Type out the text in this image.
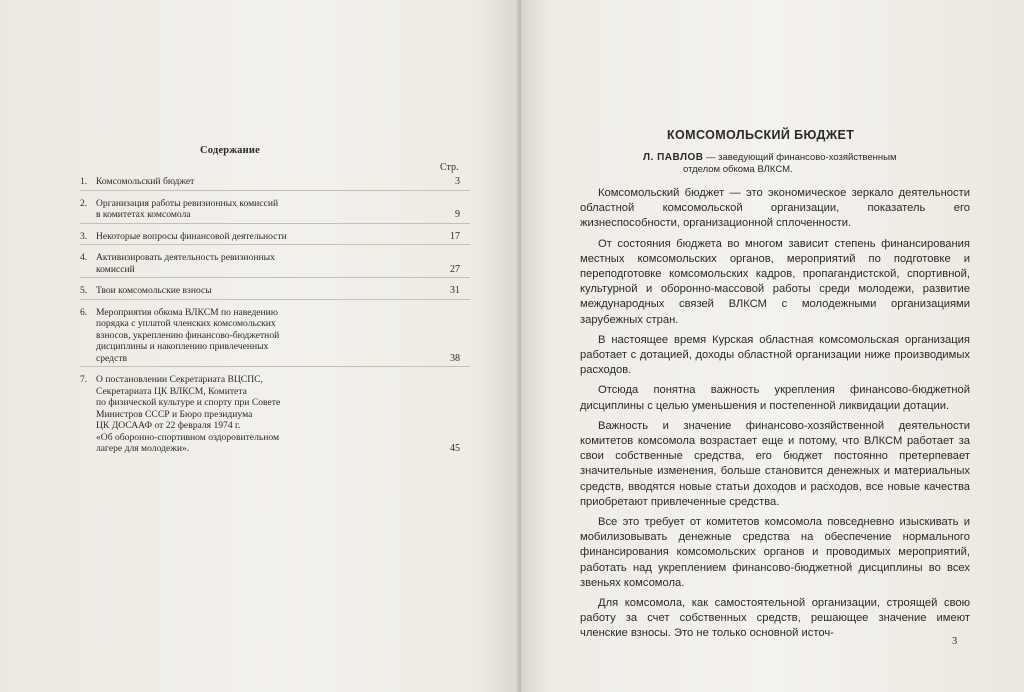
Содержание
Стр.
1. Комсомольский бюджет	3
2. Организация работы ревизионных комиссий
в комитетах комсомола	9
3. Некоторые вопросы финансовой деятельности	17
4. Активизировать деятельность ревизионных
комиссий	27
5. Твои комсомольские взносы	31
6. Мероприятия обкома ВЛКСМ по наведению
порядка с уплатой членских комсомольских
взносов, укреплению финансово-бюджетной
дисциплины и накоплению привлеченных
средств	38
7. О постановлении Секретариата ВЦСПС,
Секретариата ЦК ВЛКСМ, Комитета
по физической культуре и спорту при Совете
Министров СССР и Бюро президиума
ЦК ДОСААФ от 22 февраля 1974 г.
«Об оборонно-спортивном оздоровительном
лагере для молодежи».	45
КОМСОМОЛЬСКИЙ БЮДЖЕТ
Л. ПАВЛОВ — заведующий финансово-хозяйственным
отделом обкома ВЛКСМ.

Комсомольский бюджет — это экономическое зеркало деятельности областной комсомольской организации, показатель его жизнеспособности, организационной сплоченности.

От состояния бюджета во многом зависит степень финансирования местных комсомольских органов, мероприятий по подготовке и переподготовке комсомольских кадров, пропагандистской, спортивной, культурной и оборонно-массовой работы среди молодежи, развитие международных связей ВЛКСМ с молодежными организациями зарубежных стран.

В настоящее время Курская областная комсомольская организация работает с дотацией, доходы областной организации ниже производимых расходов.

Отсюда понятна важность укрепления финансово-бюджетной дисциплины с целью уменьшения и постепенной ликвидации дотации.

Важность и значение финансово-хозяйственной деятельности комитетов комсомола возрастает еще и потому, что ВЛКСМ работает за свои собственные средства, его бюджет постоянно претерпевает значительные изменения, больше становится денежных и материальных средств, вводятся новые статьи доходов и расходов, все новые качества приобретают привлеченные средства.

Все это требует от комитетов комсомола повседневно изыскивать и мобилизовывать денежные средства на обеспечение нормального финансирования комсомольских органов и проводимых мероприятий, работать над укреплением финансово-бюджетной дисциплины во всех звеньях комсомола.

Для комсомола, как самостоятельной организации, строящей свою работу за счет собственных средств, решающее значение имеют членские взносы. Это не только основной источ-

3
